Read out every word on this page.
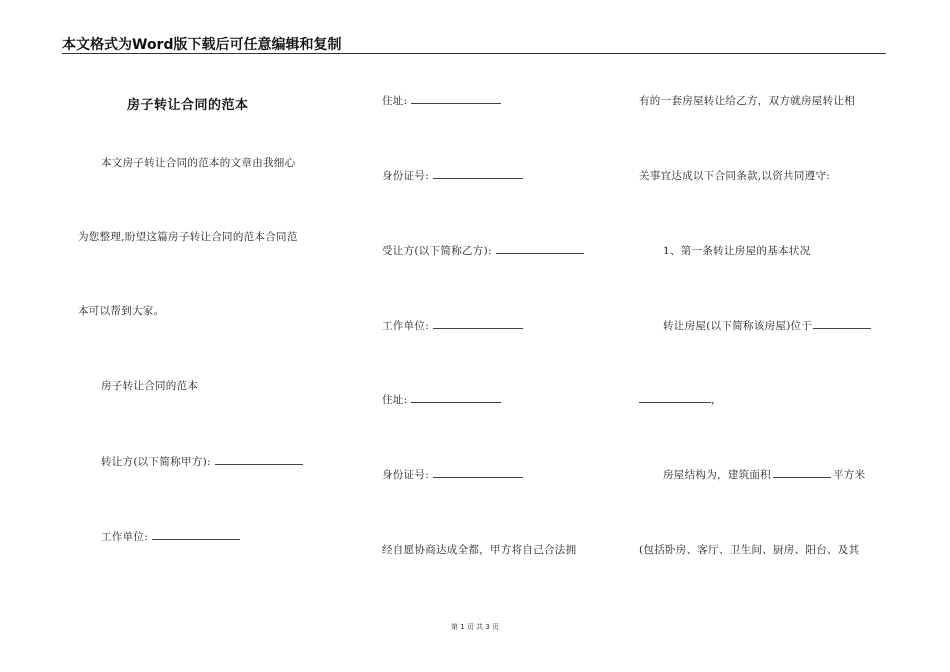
本文格式为Word版下载后可任意编辑和复制
房子转让合同的范本
本文房子转让合同的范本的文章由我细心
为您整理,盼望这篇房子转让合同的范本合同范
本可以帮到大家。
房子转让合同的范本
转让方(以下简称甲方):
工作单位:
住址:
身份证号:
受让方(以下简称乙方):
工作单位:
住址:
身份证号:
经自愿协商达成全都，甲方将自己合法拥
有的一套房屋转让给乙方，双方就房屋转让相
关事宜达成以下合同条款,以资共同遵守:
1、第一条转让房屋的基本状况
转让房屋(以下简称该房屋)位于
，
房屋结构为，建筑面积	平方米
(包括卧房、客厅、卫生间、厨房、阳台、及其
第 1 页 共 3 页
